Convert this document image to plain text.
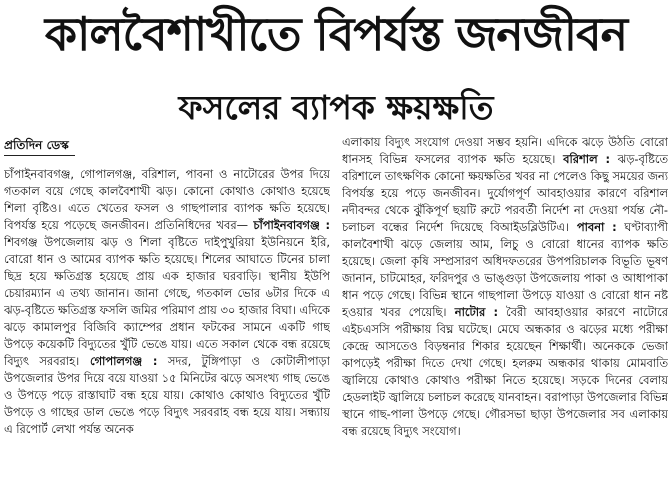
কালবৈশাখীতে বিপর্যস্ত জনজীবন
ফসলের ব্যাপক ক্ষয়ক্ষতি
প্রতিদিন ডেস্ক

চাঁপাইনবাবগঞ্জ, গোপালগঞ্জ, বরিশাল, পাবনা ও নাটোরের উপর দিয়ে গতকাল বয়ে গেছে কালবৈশাখী ঝড়। কোনো কোথাও কোথাও হয়েছে শিলা বৃষ্টিও। এতে খেতের ফসল ও গাছপালার ব্যাপক ক্ষতি হয়েছে। বিপর্যস্ত হয়ে পড়েছে জনজীবন। প্রতিনিধিদের খবর— চাঁপাইনবাবগঞ্জ : শিবগঞ্জ উপজেলায় ঝড় ও শিলা বৃষ্টিতে দাইপুখুরিয়া ইউনিয়নে ইরি, বোরো ধান ও আমের ব্যাপক ক্ষতি হয়েছে। শিলের আঘাতে টিনের চালা ছিদ্র হয়ে ক্ষতিগ্রস্ত হয়েছে প্রায় এক হাজার ঘরবাড়ি। স্থানীয় ইউপি চেয়ারম্যান এ তথ্য জানান। জানা গেছে, গতকাল ভোর ৬টার দিকে এ ঝড়-বৃষ্টিতে ক্ষতিগ্রস্ত ফসলি জমির পরিমাণ প্রায় ৩০ হাজার বিঘা। এদিকে ঝড়ে কামালপুর বিজিবি ক্যাম্পের প্রধান ফটকের সামনে একটি গাছ উপড়ে কয়েকটি বিদ্যুতের খুঁটি ভেঙে যায়। এতে সকাল থেকে বন্ধ রয়েছে বিদ্যুৎ সরবরাহ। গোপালগঞ্জ : সদর, টুঙ্গিপাড়া ও কোটালীপাড়া উপজেলার উপর দিয়ে বয়ে যাওয়া ১৫ মিনিটের ঝড়ে অসংখ্য গাছ ভেঙে ও উপড়ে পড়ে রাস্তাঘাট বন্ধ হয়ে যায়। কোথাও কোথাও বিদ্যুতের খুঁটি উপড়ে ও গাছের ডাল ভেঙে পড়ে বিদ্যুৎ সরবরাহ বন্ধ হয়ে যায়। সন্ধ্যায় এ রিপোর্ট লেখা পর্যন্ত অনেক

এলাকায় বিদ্যুৎ সংযোগ দেওয়া সম্ভব হয়নি। এদিকে ঝড়ে উঠতি বোরো ধানসহ বিভিন্ন ফসলের ব্যাপক ক্ষতি হয়েছে। বরিশাল : ঝড়-বৃষ্টিতে বরিশালে তাৎক্ষণিক কোনো ক্ষয়ক্ষতির খবর না পেলেও কিছু সময়ের জন্য বিপর্যস্ত হয়ে পড়ে জনজীবন। দুর্যোগপূর্ণ আবহাওয়ার কারণে বরিশাল নদীবন্দর থেকে ঝুঁকিপূর্ণ ছয়টি রুটে পরবর্তী নির্দেশ না দেওয়া পর্যন্ত নৌ-চলাচল বন্ধের নির্দেশ দিয়েছে বিআইডব্লিউটিএ। পাবনা : ঘণ্টাব্যাপী কালবৈশাখী ঝড়ে জেলায় আম, লিচু ও বোরো ধানের ব্যাপক ক্ষতি হয়েছে। জেলা কৃষি সম্প্রসারণ অধিদফতরের উপপরিচালক বিভূতি ভূষণ জানান, চাটমোহর, ফরিদপুর ও ভাঙ্গুড়া উপজেলায় পাকা ও আধাপাকা ধান পড়ে গেছে। বিভিন্ন স্থানে গাছপালা উপড়ে যাওয়া ও বোরো ধান নষ্ট হওয়ার খবর পেয়েছি। নাটোর : বৈরী আবহাওয়ার কারণে নাটোরে এইচএসসি পরীক্ষায় বিঘ্ন ঘটেছে। মেঘে অন্ধকার ও ঝড়ের মধ্যে পরীক্ষা কেন্দ্রে আসতেও বিড়ম্বনার শিকার হয়েছেন শিক্ষার্থী। অনেককে ভেজা কাপড়েই পরীক্ষা দিতে দেখা গেছে। হলরুম অন্ধকার থাকায় মোমবাতি জ্বালিয়ে কোথাও কোথাও পরীক্ষা নিতে হয়েছে। সড়কে দিনের বেলায় হেডলাইট জ্বালিয়ে চলাচল করেছে যানবাহন। বরাপাড়া উপজেলার বিভিন্ন স্থানে গাছ-পালা উপড়ে গেছে। গৌরসভা ছাড়া উপজেলার সব এলাকায় বন্ধ রয়েছে বিদ্যুৎ সংযোগ।
